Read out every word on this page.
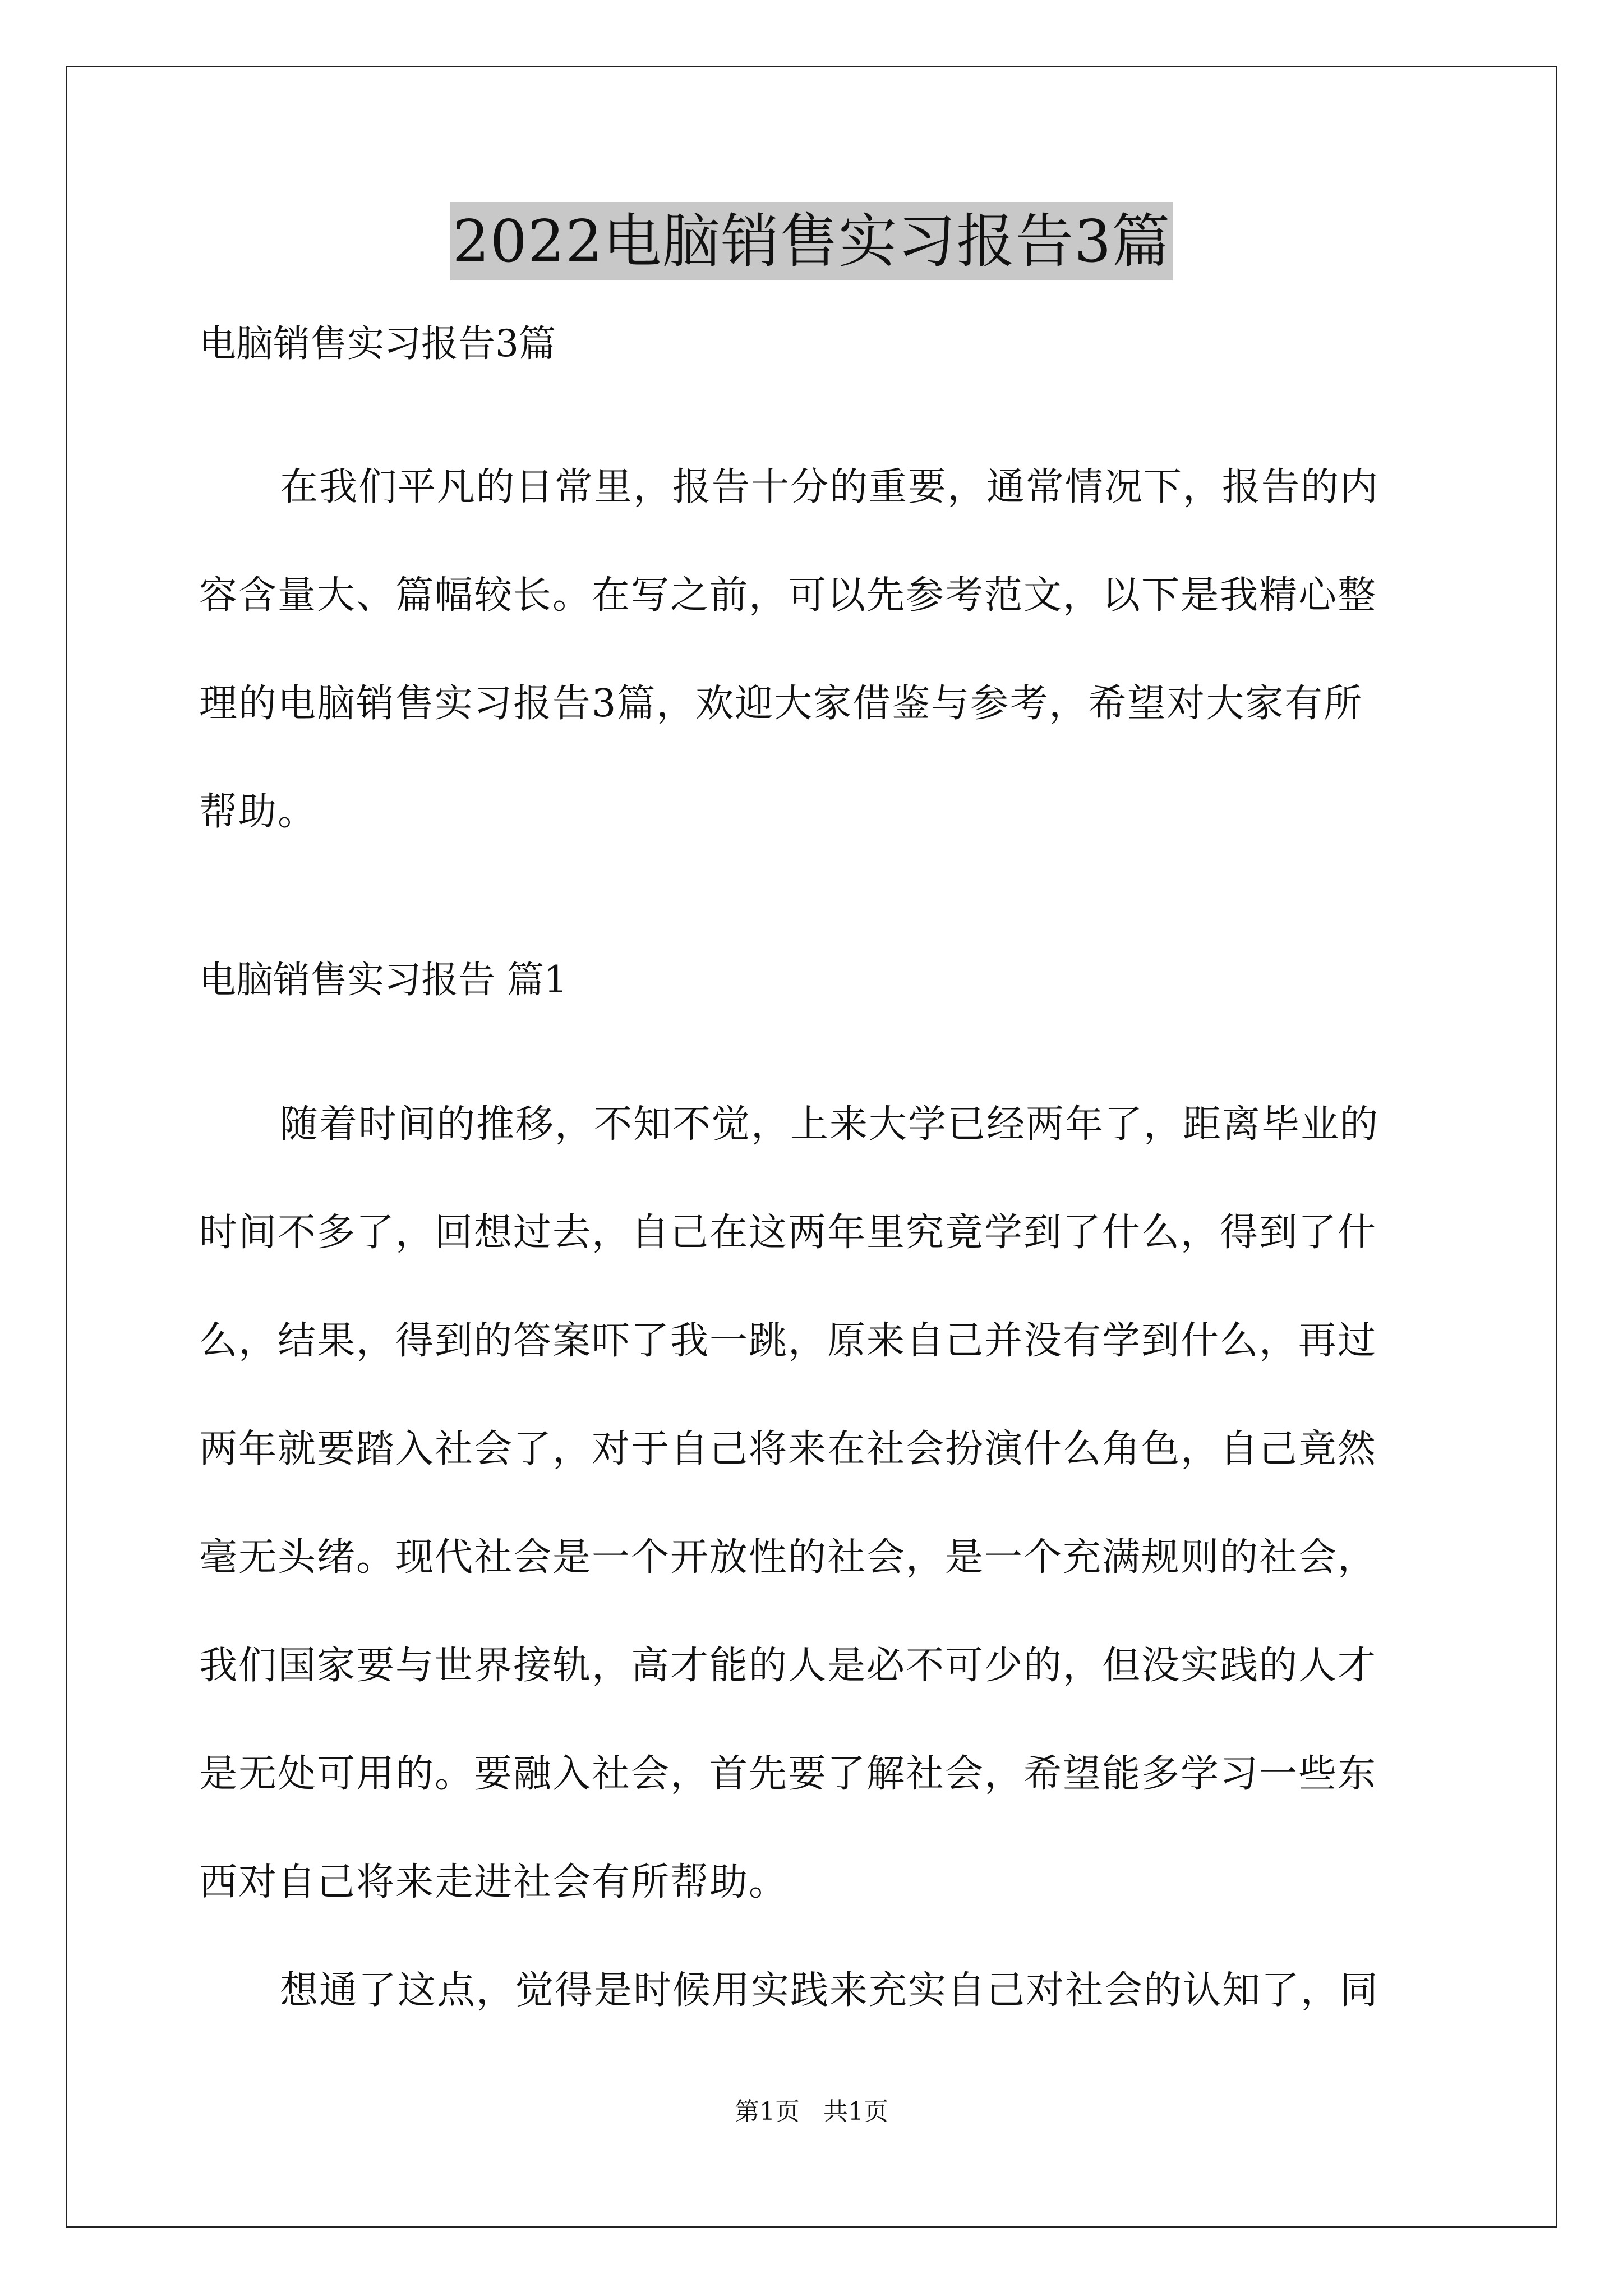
2022电脑销售实习报告3篇
电脑销售实习报告3篇
在我们平凡的日常里，报告十分的重要，通常情况下，报告的内
容含量大、篇幅较长。在写之前，可以先参考范文，以下是我精心整
理的电脑销售实习报告3篇，欢迎大家借鉴与参考，希望对大家有所
帮助。
电脑销售实习报告 篇1
随着时间的推移，不知不觉，上来大学已经两年了，距离毕业的
时间不多了，回想过去，自己在这两年里究竟学到了什么，得到了什
么，结果，得到的答案吓了我一跳，原来自己并没有学到什么，再过
两年就要踏入社会了，对于自己将来在社会扮演什么角色，自己竟然
毫无头绪。现代社会是一个开放性的社会，是一个充满规则的社会，
我们国家要与世界接轨，高才能的人是必不可少的，但没实践的人才
是无处可用的。要融入社会，首先要了解社会，希望能多学习一些东
西对自己将来走进社会有所帮助。
想通了这点，觉得是时候用实践来充实自己对社会的认知了，同
第1页   共1页
